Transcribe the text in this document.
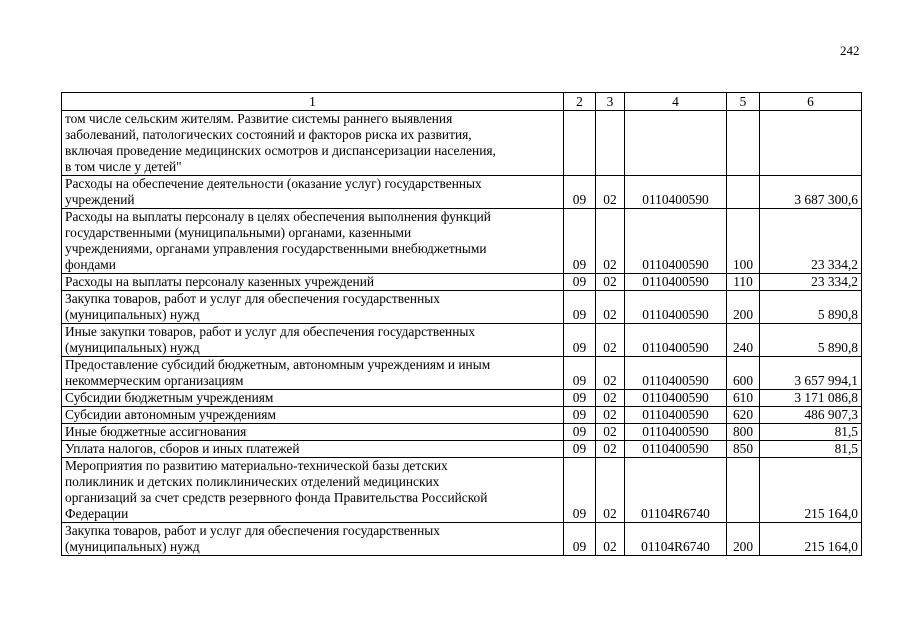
242
1	2	3	4	5	6

том числе сельским жителям. Развитие системы раннего выявления
заболеваний, патологических состояний и факторов риска их развития,
включая проведение медицинских осмотров и диспансеризации населения,
в том числе у детей"					

Расходы на обеспечение деятельности (оказание услуг) государственных
учреждений	09	02	0110400590		3 687 300,6

Расходы на выплаты персоналу в целях обеспечения выполнения функций
государственными (муниципальными) органами, казенными
учреждениями, органами управления государственными внебюджетными
фондами	09	02	0110400590	100	23 334,2

Расходы на выплаты персоналу казенных учреждений	09	02	0110400590	110	23 334,2

Закупка товаров, работ и услуг для обеспечения государственных
(муниципальных) нужд	09	02	0110400590	200	5 890,8

Иные закупки товаров, работ и услуг для обеспечения государственных
(муниципальных) нужд	09	02	0110400590	240	5 890,8

Предоставление субсидий бюджетным, автономным учреждениям и иным
некоммерческим организациям	09	02	0110400590	600	3 657 994,1

Субсидии бюджетным учреждениям	09	02	0110400590	610	3 171 086,8

Субсидии автономным учреждениям	09	02	0110400590	620	486 907,3

Иные бюджетные ассигнования	09	02	0110400590	800	81,5

Уплата налогов, сборов и иных платежей	09	02	0110400590	850	81,5

Мероприятия по развитию материально-технической базы детских
поликлиник и детских поликлинических отделений медицинских
организаций за счет средств резервного фонда Правительства Российской
Федерации	09	02	01104R6740		215 164,0

Закупка товаров, работ и услуг для обеспечения государственных
(муниципальных) нужд	09	02	01104R6740	200	215 164,0
